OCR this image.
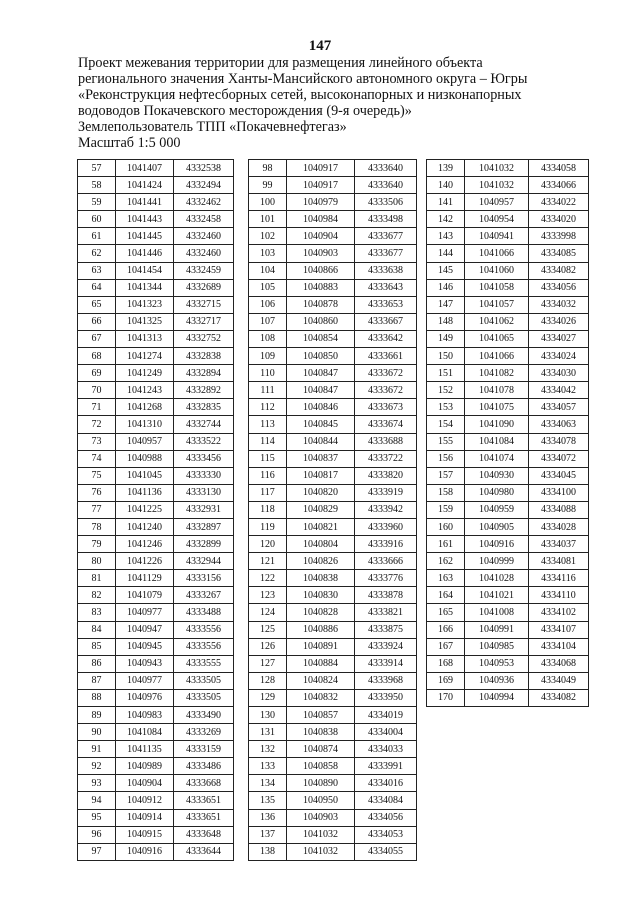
147
Проект межевания территории для размещения линейного объекта
регионального значения Ханты-Мансийского автономного округа – Югры
«Реконструкция нефтесборных сетей, высоконапорных и низконапорных
водоводов Покачевского месторождения (9-я очередь)»
Землепользователь ТПП «Покачевнефтегаз»
Масштаб 1:5 000
57	1041407	4332538
58	1041424	4332494
59	1041441	4332462
60	1041443	4332458
61	1041445	4332460
62	1041446	4332460
63	1041454	4332459
64	1041344	4332689
65	1041323	4332715
66	1041325	4332717
67	1041313	4332752
68	1041274	4332838
69	1041249	4332894
70	1041243	4332892
71	1041268	4332835
72	1041310	4332744
73	1040957	4333522
74	1040988	4333456
75	1041045	4333330
76	1041136	4333130
77	1041225	4332931
78	1041240	4332897
79	1041246	4332899
80	1041226	4332944
81	1041129	4333156
82	1041079	4333267
83	1040977	4333488
84	1040947	4333556
85	1040945	4333556
86	1040943	4333555
87	1040977	4333505
88	1040976	4333505
89	1040983	4333490
90	1041084	4333269
91	1041135	4333159
92	1040989	4333486
93	1040904	4333668
94	1040912	4333651
95	1040914	4333651
96	1040915	4333648
97	1040916	4333644
98	1040917	4333640
99	1040917	4333640
100	1040979	4333506
101	1040984	4333498
102	1040904	4333677
103	1040903	4333677
104	1040866	4333638
105	1040883	4333643
106	1040878	4333653
107	1040860	4333667
108	1040854	4333642
109	1040850	4333661
110	1040847	4333672
111	1040847	4333672
112	1040846	4333673
113	1040845	4333674
114	1040844	4333688
115	1040837	4333722
116	1040817	4333820
117	1040820	4333919
118	1040829	4333942
119	1040821	4333960
120	1040804	4333916
121	1040826	4333666
122	1040838	4333776
123	1040830	4333878
124	1040828	4333821
125	1040886	4333875
126	1040891	4333924
127	1040884	4333914
128	1040824	4333968
129	1040832	4333950
130	1040857	4334019
131	1040838	4334004
132	1040874	4334033
133	1040858	4333991
134	1040890	4334016
135	1040950	4334084
136	1040903	4334056
137	1041032	4334053
138	1041032	4334055
139	1041032	4334058
140	1041032	4334066
141	1040957	4334022
142	1040954	4334020
143	1040941	4333998
144	1041066	4334085
145	1041060	4334082
146	1041058	4334056
147	1041057	4334032
148	1041062	4334026
149	1041065	4334027
150	1041066	4334024
151	1041082	4334030
152	1041078	4334042
153	1041075	4334057
154	1041090	4334063
155	1041084	4334078
156	1041074	4334072
157	1040930	4334045
158	1040980	4334100
159	1040959	4334088
160	1040905	4334028
161	1040916	4334037
162	1040999	4334081
163	1041028	4334116
164	1041021	4334110
165	1041008	4334102
166	1040991	4334107
167	1040985	4334104
168	1040953	4334068
169	1040936	4334049
170	1040994	4334082
